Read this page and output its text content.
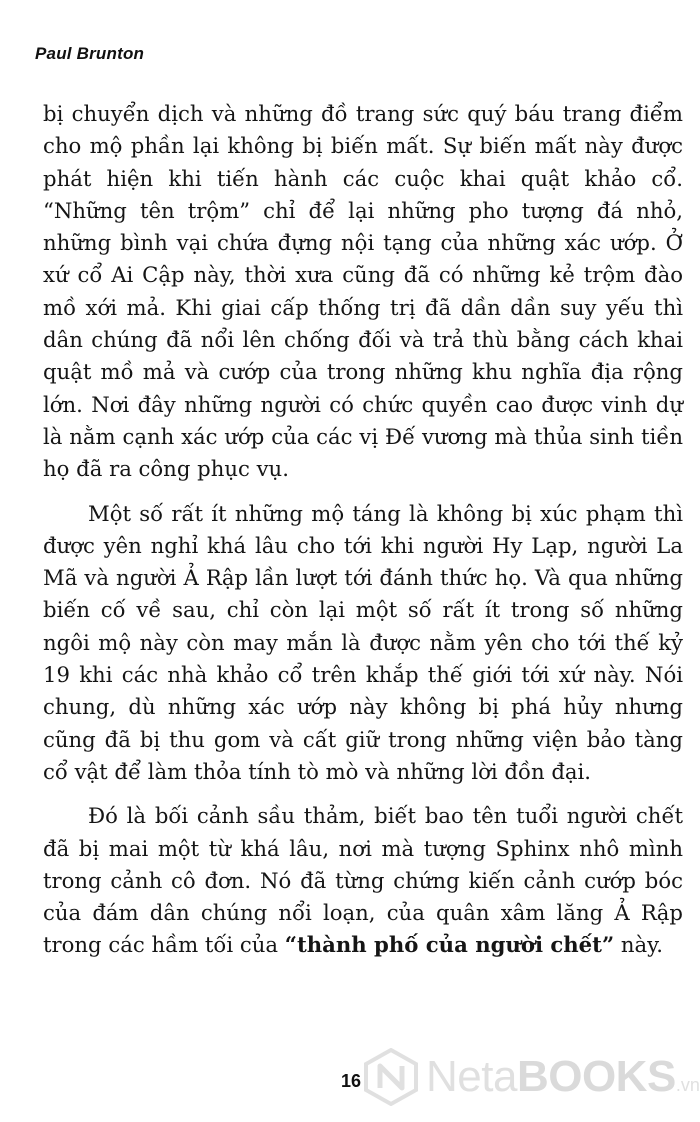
Paul Brunton

bị chuyển dịch và những đồ trang sức quý báu trang điểm cho mộ phần lại không bị biến mất. Sự biến mất này được phát hiện khi tiến hành các cuộc khai quật khảo cổ. “Những tên trộm” chỉ để lại những pho tượng đá nhỏ, những bình vại chứa đựng nội tạng của những xác ướp. Ở xứ cổ Ai Cập này, thời xưa cũng đã có những kẻ trộm đào mồ xới mả. Khi giai cấp thống trị đã dần dần suy yếu thì dân chúng đã nổi lên chống đối và trả thù bằng cách khai quật mồ mả và cướp của trong những khu nghĩa địa rộng lớn. Nơi đây những người có chức quyền cao được vinh dự là nằm cạnh xác ướp của các vị Đế vương mà thủa sinh tiền họ đã ra công phục vụ.

Một số rất ít những mộ táng là không bị xúc phạm thì được yên nghỉ khá lâu cho tới khi người Hy Lạp, người La Mã và người Ả Rập lần lượt tới đánh thức họ. Và qua những biến cố về sau, chỉ còn lại một số rất ít trong số những ngôi mộ này còn may mắn là được nằm yên cho tới thế kỷ 19 khi các nhà khảo cổ trên khắp thế giới tới xứ này. Nói chung, dù những xác ướp này không bị phá hủy nhưng cũng đã bị thu gom và cất giữ trong những viện bảo tàng cổ vật để làm thỏa tính tò mò và những lời đồn đại.

Đó là bối cảnh sầu thảm, biết bao tên tuổi người chết đã bị mai một từ khá lâu, nơi mà tượng Sphinx nhô mình trong cảnh cô đơn. Nó đã từng chứng kiến cảnh cướp bóc của đám dân chúng nổi loạn, của quân xâm lăng Ả Rập trong các hầm tối của “thành phố của người chết” này.

16 NetaBOOKS.vn
